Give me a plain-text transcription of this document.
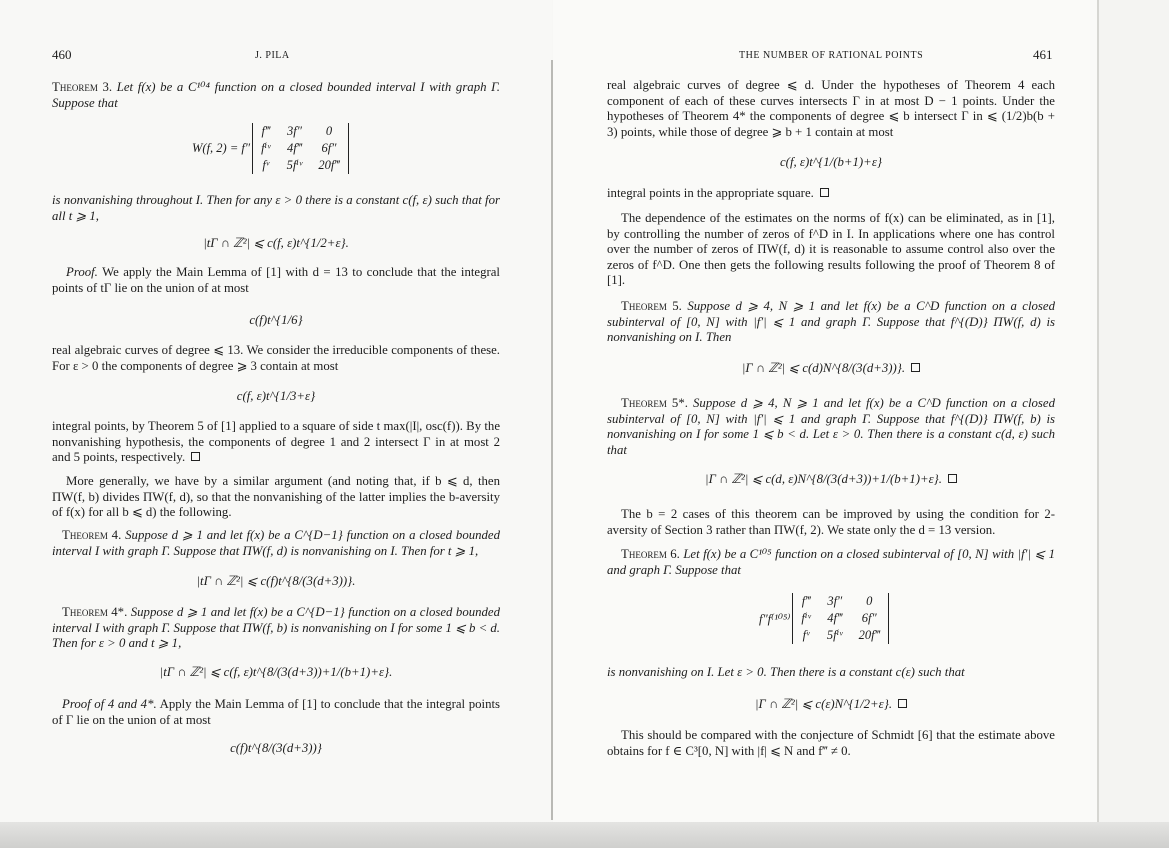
460	J. PILA

Theorem 3. Let f(x) be a C¹⁰⁴ function on a closed bounded interval I with graph Γ. Suppose that

W(f, 2) = f″
f‴	3f″	0
fⁱᵛ	4f‴	6f″
fᵛ	5fⁱᵛ	20f‴

is nonvanishing throughout I. Then for any ε > 0 there is a constant c(f, ε) such that for all t ⩾ 1,

|tΓ ∩ ℤ²| ⩽ c(f, ε)t^{1/2+ε}.

Proof. We apply the Main Lemma of [1] with d = 13 to conclude that the integral points of tΓ lie on the union of at most

c(f)t^{1/6}

real algebraic curves of degree ⩽ 13. We consider the irreducible components of these. For ε > 0 the components of degree ⩾ 3 contain at most

c(f, ε)t^{1/3+ε}

integral points, by Theorem 5 of [1] applied to a square of side t max(|I|, osc(f)). By the nonvanishing hypothesis, the components of degree 1 and 2 intersect Γ in at most 2 and 5 points, respectively.

More generally, we have by a similar argument (and noting that, if b ⩽ d, then ΠW(f, b) divides ΠW(f, d), so that the nonvanishing of the latter implies the b-aversity of f(x) for all b ⩽ d) the following.

Theorem 4. Suppose d ⩾ 1 and let f(x) be a C^{D−1} function on a closed bounded interval I with graph Γ. Suppose that ΠW(f, d) is nonvanishing on I. Then for t ⩾ 1,

|tΓ ∩ ℤ²| ⩽ c(f)t^{8/(3(d+3))}.

Theorem 4*. Suppose d ⩾ 1 and let f(x) be a C^{D−1} function on a closed bounded interval I with graph Γ. Suppose that ΠW(f, b) is nonvanishing on I for some 1 ⩽ b < d. Then for ε > 0 and t ⩾ 1,

|tΓ ∩ ℤ²| ⩽ c(f, ε)t^{8/(3(d+3))+1/(b+1)+ε}.

Proof of 4 and 4*. Apply the Main Lemma of [1] to conclude that the integral points of Γ lie on the union of at most

c(f)t^{8/(3(d+3))}
THE NUMBER OF RATIONAL POINTS	461

real algebraic curves of degree ⩽ d. Under the hypotheses of Theorem 4 each component of each of these curves intersects Γ in at most D − 1 points. Under the hypotheses of Theorem 4* the components of degree ⩽ b intersect Γ in ⩽ (1/2)b(b + 3) points, while those of degree ⩾ b + 1 contain at most

c(f, ε)t^{1/(b+1)+ε}

integral points in the appropriate square.

The dependence of the estimates on the norms of f(x) can be eliminated, as in [1], by controlling the number of zeros of f^D in I. In applications where one has control over the number of zeros of ΠW(f, d) it is reasonable to assume control also over the zeros of f^D. One then gets the following results following the proof of Theorem 8 of [1].

Theorem 5. Suppose d ⩾ 4, N ⩾ 1 and let f(x) be a C^D function on a closed subinterval of [0, N] with |f′| ⩽ 1 and graph Γ. Suppose that f^{(D)} ΠW(f, d) is nonvanishing on I. Then

|Γ ∩ ℤ²| ⩽ c(d)N^{8/(3(d+3))}.

Theorem 5*. Suppose d ⩾ 4, N ⩾ 1 and let f(x) be a C^D function on a closed subinterval of [0, N] with |f′| ⩽ 1 and graph Γ. Suppose that f^{(D)} ΠW(f, b) is nonvanishing on I for some 1 ⩽ b < d. Let ε > 0. Then there is a constant c(d, ε) such that

|Γ ∩ ℤ²| ⩽ c(d, ε)N^{8/(3(d+3))+1/(b+1)+ε}.

The b = 2 cases of this theorem can be improved by using the condition for 2-aversity of Section 3 rather than ΠW(f, 2). We state only the d = 13 version.

Theorem 6. Let f(x) be a C¹⁰⁵ function on a closed subinterval of [0, N] with |f′| ⩽ 1 and graph Γ. Suppose that

f″f⁽¹⁰⁵⁾
f‴	3f″	0
fⁱᵛ	4f‴	6f″
fᵛ	5fⁱᵛ	20f‴

is nonvanishing on I. Let ε > 0. Then there is a constant c(ε) such that

|Γ ∩ ℤ²| ⩽ c(ε)N^{1/2+ε}.

This should be compared with the conjecture of Schmidt [6] that the estimate above obtains for f ∈ C³[0, N] with |f| ⩽ N and f‴ ≠ 0.
